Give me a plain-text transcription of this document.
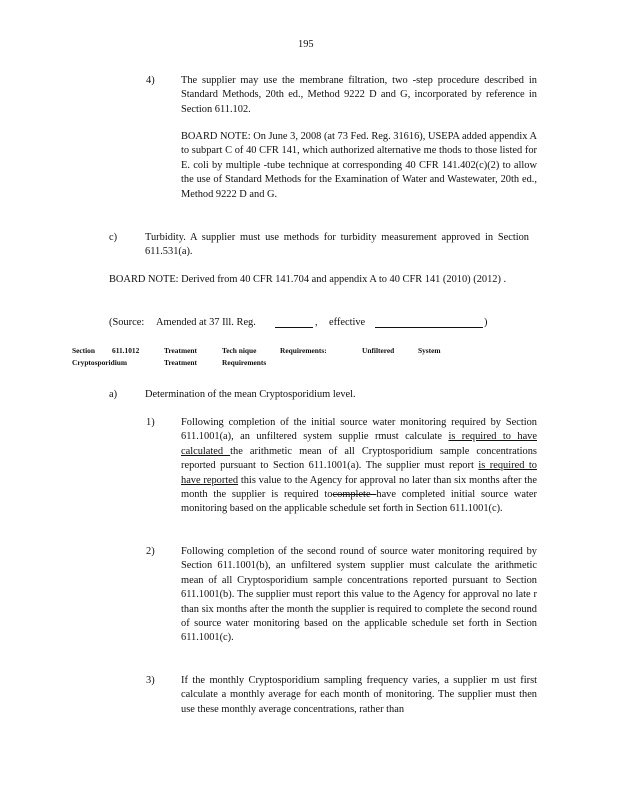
195
4)	The supplier may use the membrane filtration, two -step procedure described in Standard Methods, 20th ed., Method 9222 D and G, incorporated by reference in Section 611.102.

BOARD NOTE: On June 3, 2008 (at 73 Fed. Reg. 31616), USEPA added appendix A to subpart C of 40 CFR 141, which authorized alternative me thods to those listed for E. coli by multiple -tube technique at corresponding 40 CFR 141.402(c)(2) to allow the use of Standard Methods for the Examination of Water and Wastewater, 20th ed., Method 9222 D and G.

c)	Turbidity. A supplier must use methods for turbidity measurement approved in Section 611.531(a).

BOARD NOTE: Derived from 40 CFR 141.704 and appendix A to 40 CFR 141 (2010) (2012) .

(Source: Amended at 37 Ill. Reg.	, effective	)
Section 611.1012	Treatment	Tech nique	Requirements:	Unfiltered	System
Cryptosporidium	Treatment	Requirements
a)	Determination of the mean Cryptosporidium level.

1)	Following completion of the initial source water monitoring required by Section 611.1001(a), an unfiltered system supplie rmust calculate is required to have calculated the arithmetic mean of all Cryptosporidium sample concentrations reported pursuant to Section 611.1001(a). The supplier must report is required to have reported this value to the Agency for approval no later than six months after the month the supplier is required tocomplete have completed initial source water monitoring based on the applicable schedule set forth in Section 611.1001(c).

2)	Following completion of the second round of source water monitoring required by Section 611.1001(b), an unfiltered system supplier must calculate the arithmetic mean of all Cryptosporidium sample concentrations reported pursuant to Section 611.1001(b). The supplier must report this value to the Agency for approval no late r than six months after the month the supplier is required to complete the second round of source water monitoring based on the applicable schedule set forth in Section 611.1001(c).

3)	If the monthly Cryptosporidium sampling frequency varies, a supplier m ust first calculate a monthly average for each month of monitoring. The supplier must then use these monthly average concentrations, rather than
